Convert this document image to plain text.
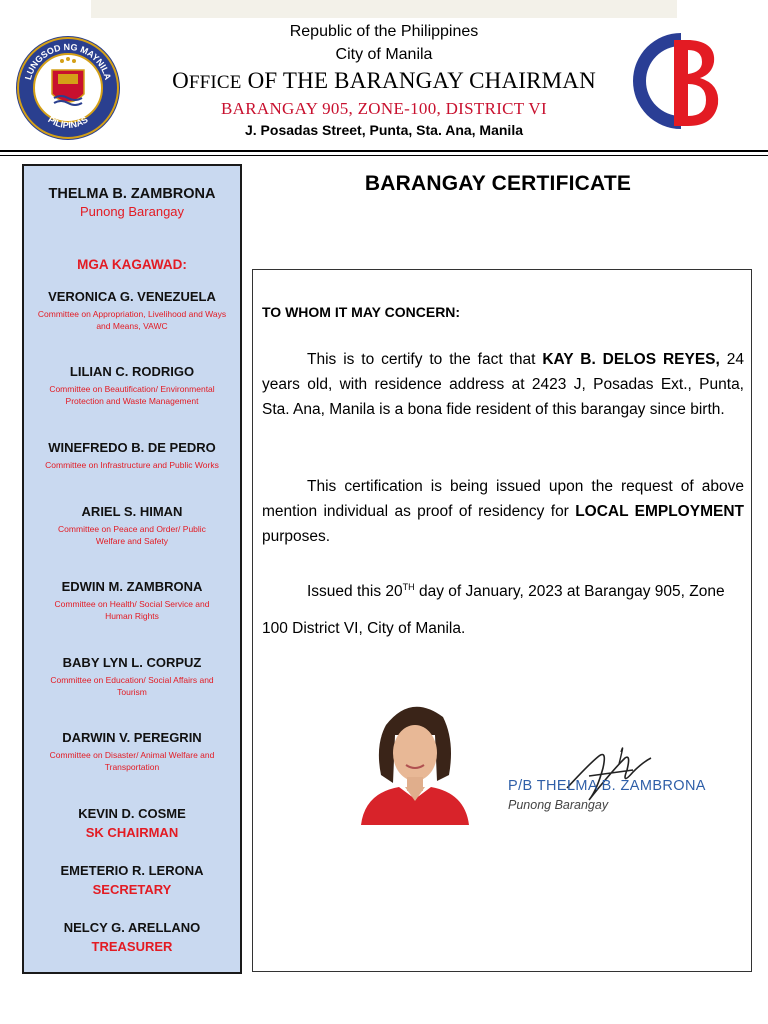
LUNGSOD NG MAYNILA
PILIPINAS
Republic of the Philippines
City of Manila
OFFICE OF THE BARANGAY CHAIRMAN
BARANGAY 905, ZONE-100, DISTRICT VI
J. Posadas Street, Punta, Sta. Ana, Manila
THELMA B. ZAMBRONA
Punong Barangay
MGA KAGAWAD:
VERONICA G. VENEZUELA
Committee on Appropriation, Livelihood and Ways and Means, VAWC
LILIAN C. RODRIGO
Committee on Beautification/ Environmental Protection and Waste Management
WINEFREDO B. DE PEDRO
Committee on Infrastructure and Public Works
ARIEL S. HIMAN
Committee on Peace and Order/ Public Welfare and Safety
EDWIN M. ZAMBRONA
Committee on Health/ Social Service and Human Rights
BABY LYN L. CORPUZ
Committee on Education/ Social Affairs and Tourism
DARWIN V. PEREGRIN
Committee on Disaster/ Animal Welfare and Transportation
KEVIN D. COSME
SK CHAIRMAN
EMETERIO R. LERONA
SECRETARY
NELCY G. ARELLANO
TREASURER
BARANGAY CERTIFICATE
TO WHOM IT MAY CONCERN:
This is to certify to the fact that KAY B. DELOS REYES, 24 years old, with residence address at 2423 J, Posadas Ext., Punta, Sta. Ana, Manila is a bona fide resident of this barangay since birth.
This certification is being issued upon the request of above mention individual as proof of residency for LOCAL EMPLOYMENT purposes.
Issued this 20TH day of January, 2023 at Barangay 905, Zone
100 District VI, City of Manila.
P/B THELMA B. ZAMBRONA
Punong Barangay
